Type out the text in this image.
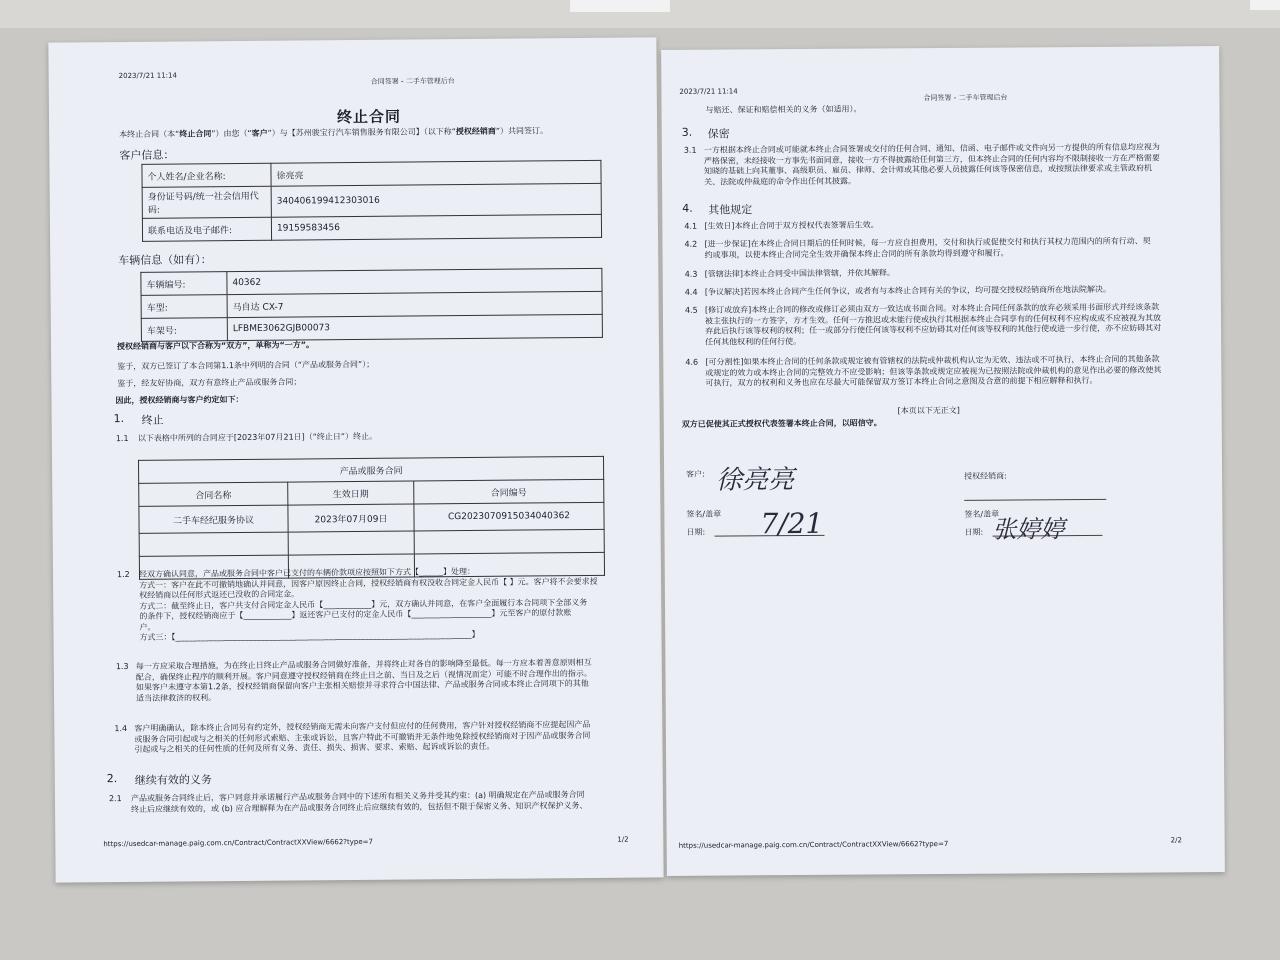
2023/7/21 11:14
合同签署 - 二手车管理后台
终止合同
本终止合同（本“终止合同”）由您（“客户”）与【苏州骏宝行汽车销售服务有限公司】（以下称“授权经销商”）共同签订。
客户信息：
个人姓名/企业名称:	徐亮亮
身份证号码/统一社会信用代码:	340406199412303016
联系电话及电子邮件:	19159583456
车辆信息（如有）：
车辆编号:	40362
车型:	马自达 CX-7
车架号:	LFBME3062GJB00073
授权经销商与客户以下合称为“双方”，单称为“一方”。
鉴于，双方已签订了本合同第1.1条中列明的合同（“产品或服务合同”）；
鉴于，经友好协商，双方有意终止产品或服务合同；
因此，授权经销商与客户约定如下：
1. 终止
1.1 以下表格中所列的合同应于[2023年07月21日]（“终止日”）终止。
产品或服务合同		
合同名称	生效日期	合同编号
二手车经纪服务协议	2023年07月09日	CG2023070915034040362

1.2 经双方确认同意，产品或服务合同中客户已支付的车辆价款项应按照如下方式【______】处理：
方式一：客户在此不可撤销地确认并同意，因客户原因终止合同，授权经销商有权没收合同定金人民币【 】元。客户将不会要求授
权经销商以任何形式返还已没收的合同定金。
方式二：截至终止日，客户共支付合同定金人民币【____________】元，双方确认并同意，在客户全面履行本合同项下全部义务
的条件下，授权经销商应于【____________】返还客户已支付的定金人民币【____________________】元至客户的原付款账
户。
方式三：【__________________________________________________________________________】
1.3 每一方应采取合理措施，为在终止日终止产品或服务合同做好准备，并将终止对各自的影响降至最低。每一方应本着善意原则相互
配合，确保终止程序的顺利开展。客户同意遵守授权经销商在终止日之前、当日及之后（视情况而定）可能不时合理作出的指示。
如果客户未遵守本第1.2条，授权经销商保留向客户主张相关赔偿并寻求符合中国法律、产品或服务合同或本终止合同项下的其他
适当法律救济的权利。
1.4 客户明确确认，除本终止合同另有约定外，授权经销商无需未向客户支付但应付的任何费用，客户针对授权经销商不应提起因产品
或服务合同引起或与之相关的任何形式索赔、主张或诉讼，且客户特此不可撤销并无条件地免除授权经销商对于因产品或服务合同
引起或与之相关的任何性质的任何及所有义务、责任、损失、损害、要求、索赔、起诉或诉讼的责任。
2. 继续有效的义务
2.1 产品或服务合同终止后，客户同意并承诺履行产品或服务合同中的下述所有相关义务并受其约束：(a) 明确规定在产品或服务合同
终止后应继续有效的，或 (b) 应合理解释为在产品或服务合同终止后应继续有效的，包括但不限于保密义务、知识产权保护义务、
https://usedcar-manage.paig.com.cn/Contract/ContractXXView/6662?type=7	1/2
2023/7/21 11:14
合同签署 - 二手车管理后台
与赔还、保证和赔偿相关的义务（如适用）。
3. 保密
3.1 一方根据本终止合同或可能就本终止合同签署或交付的任何合同、通知、信函、电子邮件或文件向另一方提供的所有信息均应视为
严格保密，未经接收一方事先书面同意，接收一方不得披露给任何第三方，但本终止合同的任何内容均不限制接收一方在严格需要
知晓的基础上向其董事、高级职员、雇员、律师、会计师或其他必要人员披露任何该等保密信息，或按照法律要求或主管政府机
关、法院或仲裁庭的命令作出任何其披露。
4. 其他规定
4.1 [生效日]本终止合同于双方授权代表签署后生效。
4.2 [进一步保证]在本终止合同日期后的任何时候，每一方应自担费用，交付和执行或促使交付和执行其权力范围内的所有行动、契
约或事项，以使本终止合同完全生效并确保本终止合同的所有条款均得到遵守和履行。
4.3 [管辖法律]本终止合同受中国法律管辖，并依其解释。
4.4 [争议解决]若因本终止合同产生任何争议，或者有与本终止合同有关的争议，均可提交授权经销商所在地法院解决。
4.5 [修订或放弃]本终止合同的修改或修订必须由双方一致达成书面合同。对本终止合同任何条款的放弃必须采用书面形式并经该条款
被主张执行的一方签字，方才生效。任何一方推迟或未能行使或执行其根据本终止合同享有的任何权利不应构成或不应被视为其放
弃此后执行该等权利的权利；任一或部分行使任何该等权利不应妨碍其对任何该等权利的其他行使或进一步行使，亦不应妨碍其对
任何其他权利的任何行使。
4.6 [可分割性]如果本终止合同的任何条款或规定被有管辖权的法院或仲裁机构认定为无效、违法或不可执行，本终止合同的其他条款
或规定的效力或本终止合同的完整效力不应受影响；但该等条款或规定应被视为已按照法院或仲裁机构的意见作出必要的修改使其
可执行，双方的权利和义务也应在尽最大可能保留双方签订本终止合同之意图及合意的前提下相应解释和执行。
[本页以下无正文]
双方已促使其正式授权代表签署本终止合同，以昭信守。
客户: 徐亮亮
签名/盖章
日期: 7/21
授权经销商:
签名/盖章
日期: 张婷婷
https://usedcar-manage.paig.com.cn/Contract/ContractXXView/6662?type=7	2/2
